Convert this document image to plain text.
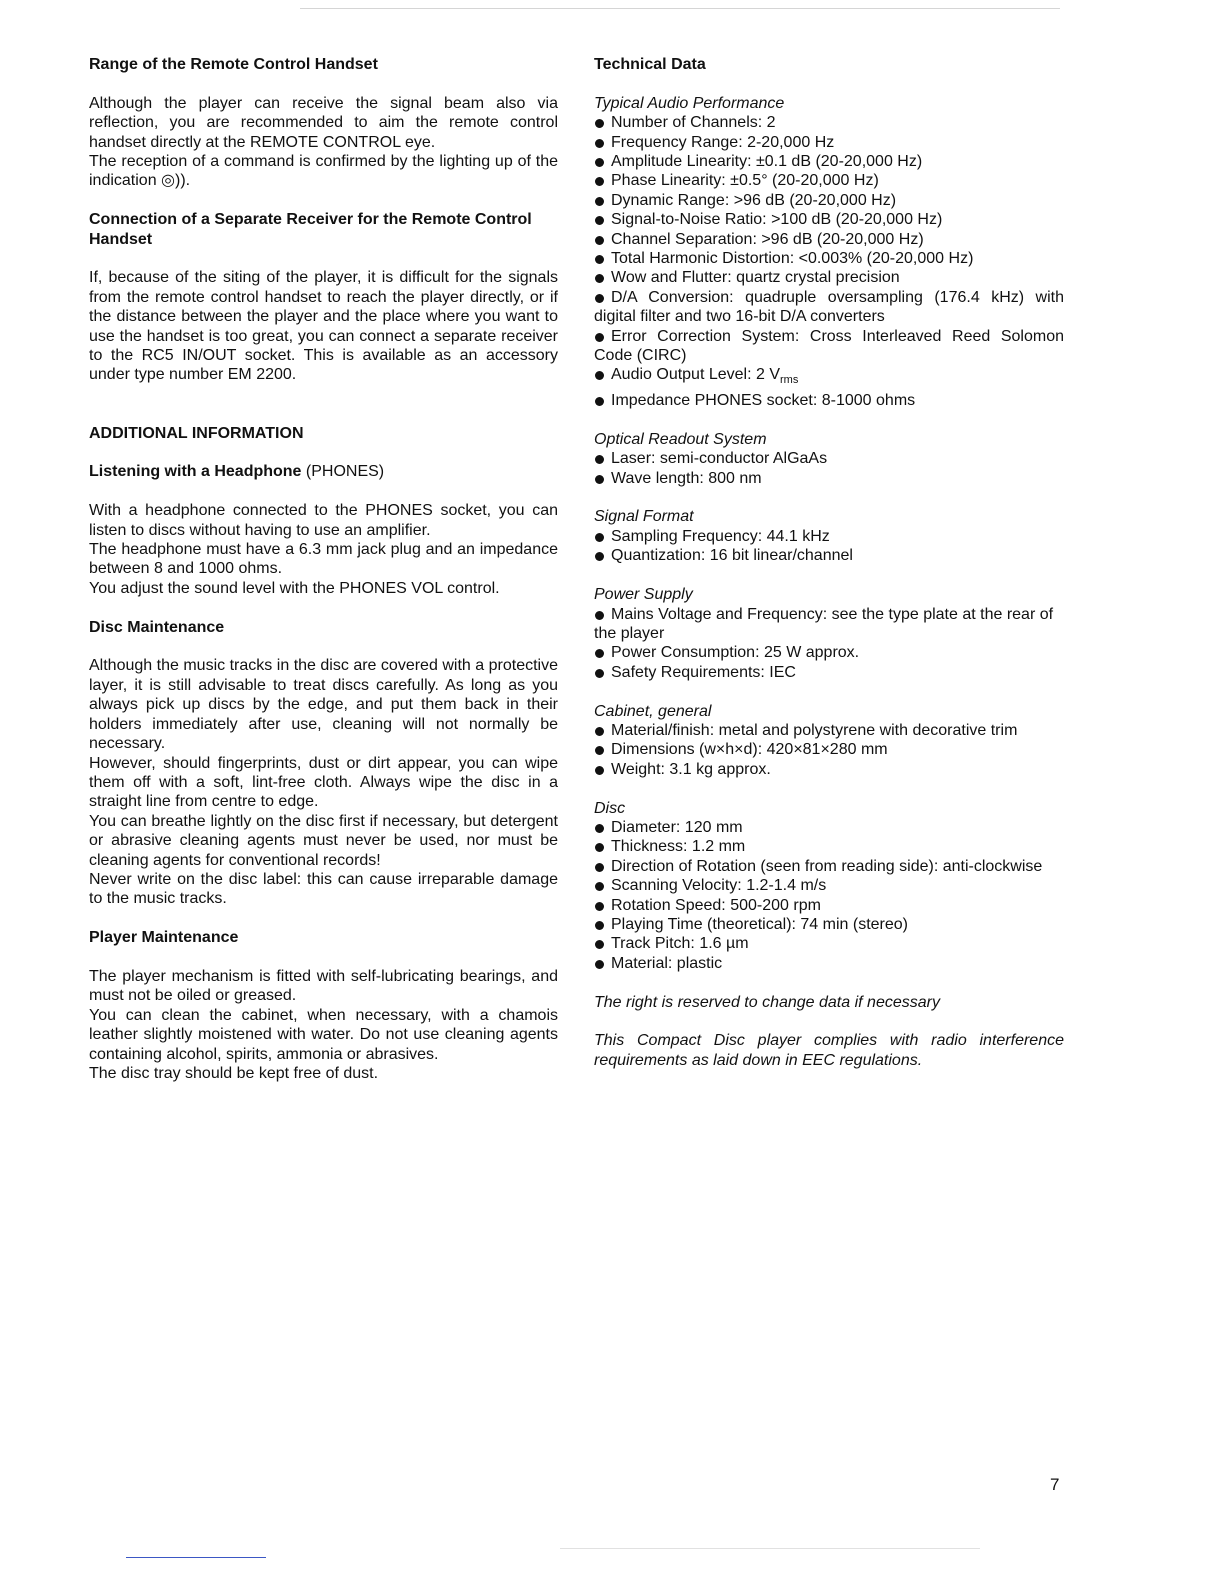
Range of the Remote Control Handset

Although the player can receive the signal beam also via reflection, you are recommended to aim the remote control handset directly at the REMOTE CONTROL eye.

The reception of a command is confirmed by the lighting up of the indication ◎)).

Connection of a Separate Receiver for the Remote Control Handset

If, because of the siting of the player, it is difficult for the signals from the remote control handset to reach the player directly, or if the distance between the player and the place where you want to use the handset is too great, you can connect a separate receiver to the RC5 IN/OUT socket. This is available as an accessory under type number EM 2200.

ADDITIONAL INFORMATION
Listening with a Headphone (PHONES)

With a headphone connected to the PHONES socket, you can listen to discs without having to use an amplifier.

The headphone must have a 6.3 mm jack plug and an impedance between 8 and 1000 ohms.

You adjust the sound level with the PHONES VOL control.

Disc Maintenance

Although the music tracks in the disc are covered with a protective layer, it is still advisable to treat discs carefully. As long as you always pick up discs by the edge, and put them back in their holders immediately after use, cleaning will not normally be necessary.

However, should fingerprints, dust or dirt appear, you can wipe them off with a soft, lint-free cloth. Always wipe the disc in a straight line from centre to edge.

You can breathe lightly on the disc first if necessary, but detergent or abrasive cleaning agents must never be used, nor must be cleaning agents for conventional records!

Never write on the disc label: this can cause irreparable damage to the music tracks.

Player Maintenance

The player mechanism is fitted with self-lubricating bearings, and must not be oiled or greased.

You can clean the cabinet, when necessary, with a chamois leather slightly moistened with water. Do not use cleaning agents containing alcohol, spirits, ammonia or abrasives.

The disc tray should be kept free of dust.

Technical Data

Typical Audio Performance

Number of Channels: 2
Frequency Range: 2-20,000 Hz
Amplitude Linearity: ±0.1 dB (20-20,000 Hz)
Phase Linearity: ±0.5° (20-20,000 Hz)
Dynamic Range: >96 dB (20-20,000 Hz)
Signal-to-Noise Ratio: >100 dB (20-20,000 Hz)
Channel Separation: >96 dB (20-20,000 Hz)
Total Harmonic Distortion: <0.003% (20-20,000 Hz)
Wow and Flutter: quartz crystal precision
D/A Conversion: quadruple oversampling (176.4 kHz) with digital filter and two 16-bit D/A converters
Error Correction System: Cross Interleaved Reed Solomon Code (CIRC)
Audio Output Level: 2 $V_{rms}$
Impedance PHONES socket: 8-1000 ohms

Optical Readout System

Laser: semi-conductor AlGaAs
Wave length: 800 nm

Signal Format

Sampling Frequency: 44.1 kHz
Quantization: 16 bit linear/channel

Power Supply

Mains Voltage and Frequency: see the type plate at the rear of the player
Power Consumption: 25 W approx.
Safety Requirements: IEC

Cabinet, general

Material/finish: metal and polystyrene with decorative trim
Dimensions (w×h×d): 420×81×280 mm
Weight: 3.1 kg approx.

Disc

Diameter: 120 mm
Thickness: 1.2 mm
Direction of Rotation (seen from reading side): anti-clockwise
Scanning Velocity: 1.2-1.4 m/s
Rotation Speed: 500-200 rpm
Playing Time (theoretical): 74 min (stereo)
Track Pitch: 1.6 µm
Material: plastic

The right is reserved to change data if necessary

This Compact Disc player complies with radio interference requirements as laid down in EEC regulations.

7
